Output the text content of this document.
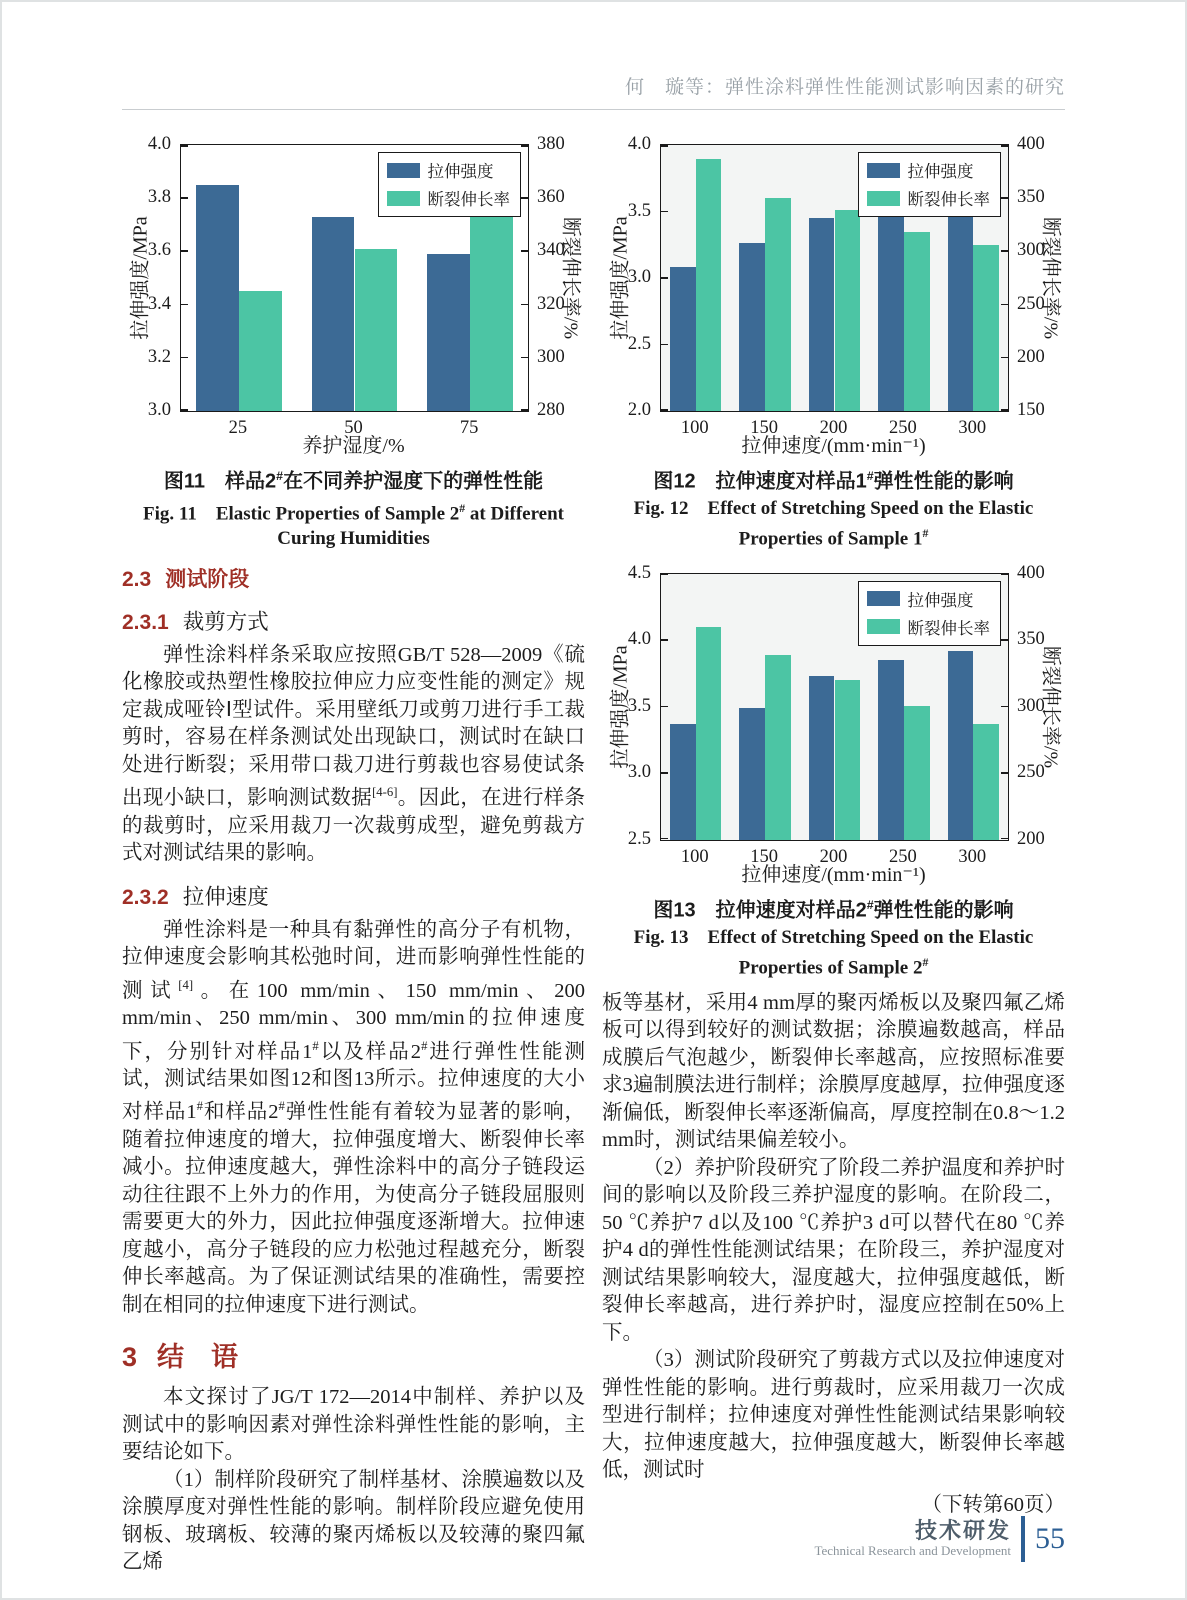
何　璇等：弹性涂料弹性性能测试影响因素的研究
拉伸强度/MPa	断裂伸长率/%
拉伸强度
断裂伸长率
养护湿度/%
3.0
3.2
3.4
3.6
3.8
4.0
280
300
320
340
360
380
25	50	75
图11　样品2#在不同养护湿度下的弹性性能
Fig. 11　Elastic Properties of Sample 2# at Different
Curing Humidities
2.3 测试阶段
2.3.1 裁剪方式

弹性涂料样条采取应按照GB/T 528—2009《硫化橡胶或热塑性橡胶拉伸应力应变性能的测定》规定裁成哑铃Ⅰ型试件。采用壁纸刀或剪刀进行手工裁剪时，容易在样条测试处出现缺口，测试时在缺口处进行断裂；采用带口裁刀进行剪裁也容易使试条出现小缺口，影响测试数据[4-6]。因此，在进行样条的裁剪时，应采用裁刀一次裁剪成型，避免剪裁方式对测试结果的影响。

2.3.2 拉伸速度

弹性涂料是一种具有黏弹性的高分子有机物，拉伸速度会影响其松弛时间，进而影响弹性性能的测试[4]。在100 mm/min、150 mm/min、200 mm/min、250 mm/min、300 mm/min的拉伸速度下，分别针对样品1#以及样品2#进行弹性性能测试，测试结果如图12和图13所示。拉伸速度的大小对样品1#和样品2#弹性性能有着较为显著的影响，随着拉伸速度的增大，拉伸强度增大、断裂伸长率减小。拉伸速度越大，弹性涂料中的高分子链段运动往往跟不上外力的作用，为使高分子链段屈服则需要更大的外力，因此拉伸强度逐渐增大。拉伸速度越小，高分子链段的应力松弛过程越充分，断裂伸长率越高。为了保证测试结果的准确性，需要控制在相同的拉伸速度下进行测试。

3 结　语

本文探讨了JG/T 172—2014中制样、养护以及测试中的影响因素对弹性涂料弹性性能的影响，主要结论如下。

（1）制样阶段研究了制样基材、涂膜遍数以及涂膜厚度对弹性性能的影响。制样阶段应避免使用钢板、玻璃板、较薄的聚丙烯板以及较薄的聚四氟乙烯

拉伸强度/MPa	断裂伸长率/%
拉伸强度
断裂伸长率
拉伸速度/(mm·min⁻¹)
2.0
2.5
3.0
3.5
4.0
150
200
250
300
350
400
100	150	200	250	300
图12　拉伸速度对样品1#弹性性能的影响
Fig. 12　Effect of Stretching Speed on the Elastic
Properties of Sample 1#
拉伸强度/MPa	断裂伸长率/%
拉伸强度
断裂伸长率
拉伸速度/(mm·min⁻¹)
2.5
3.0
3.5
4.0
4.5
200
250
300
350
400
100	150	200	250	300
图13　拉伸速度对样品2#弹性性能的影响
Fig. 13　Effect of Stretching Speed on the Elastic
Properties of Sample 2#

板等基材，采用4 mm厚的聚丙烯板以及聚四氟乙烯板可以得到较好的测试数据；涂膜遍数越高，样品成膜后气泡越少，断裂伸长率越高，应按照标准要求3遍制膜法进行制样；涂膜厚度越厚，拉伸强度逐渐偏低，断裂伸长率逐渐偏高，厚度控制在0.8～1.2 mm时，测试结果偏差较小。

（2）养护阶段研究了阶段二养护温度和养护时间的影响以及阶段三养护湿度的影响。在阶段二，50 ℃养护7 d以及100 ℃养护3 d可以替代在80 ℃养护4 d的弹性性能测试结果；在阶段三，养护湿度对测试结果影响较大，湿度越大，拉伸强度越低，断裂伸长率越高，进行养护时，湿度应控制在50%上下。

（3）测试阶段研究了剪裁方式以及拉伸速度对弹性性能的影响。进行剪裁时，应采用裁刀一次成型进行制样；拉伸速度对弹性性能测试结果影响较大，拉伸速度越大，拉伸强度越大，断裂伸长率越低，测试时

（下转第60页）
技术研发
Technical Research and Development 55
